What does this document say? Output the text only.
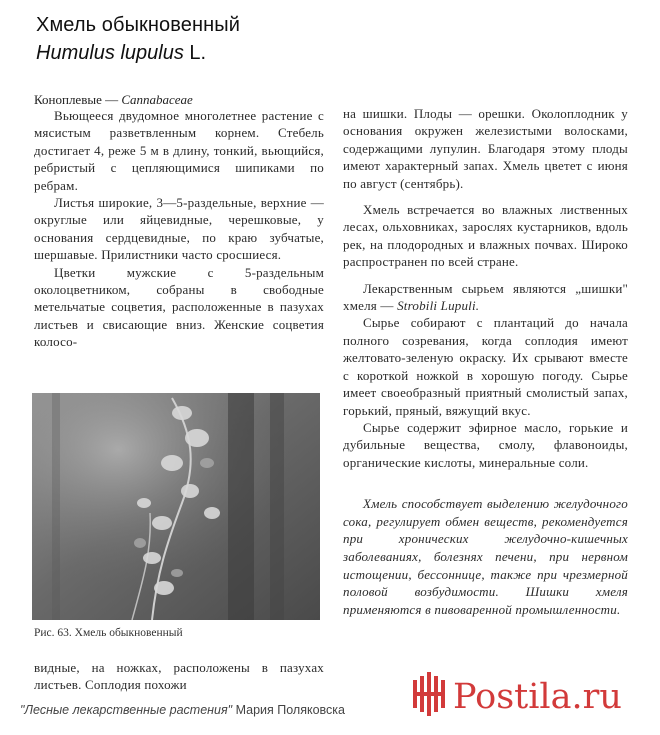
Хмель обыкновенный
Humulus lupulus L.
Коноплевые — Cannabaceae

Вьющееся двудомное многолетнее растение с мясистым разветвленным корнем. Стебель достигает 4, реже 5 м в длину, тонкий, вьющийся, ребристый с цепляющимися шипиками по ребрам.

Листья широкие, 3—5-раздельные, верхние — округлые или яйцевидные, черешковые, у основания сердцевидные, по краю зубчатые, шершавые. Прилистники часто сросшиеся.

Цветки мужские с 5-раздельным околоцветником, собраны в свободные метельчатые соцветия, расположенные в пазухах листьев и свисающие вниз. Женские соцветия колосо-

Рис. 63. Хмель обыкновенный
видные, на ножках, расположены в пазухах листьев. Соплодия похожи

на шишки. Плоды — орешки. Околоплодник у основания окружен железистыми волосками, содержащими лупулин. Благодаря этому плоды имеют характерный запах. Хмель цветет с июня по август (сентябрь).

Хмель встречается во влажных лиственных лесах, ольховниках, зарослях кустарников, вдоль рек, на плодородных и влажных почвах. Широко распространен по всей стране.

Лекарственным сырьем являются „шишки" хмеля — Strobili Lupuli.

Сырье собирают с плантаций до начала полного созревания, когда соплодия имеют желтовато-зеленую окраску. Их срывают вместе с короткой ножкой в хорошую погоду. Сырье имеет своеобразный приятный смолистый запах, горький, пряный, вяжущий вкус.

Сырье содержит эфирное масло, горькие и дубильные вещества, смолу, флавоноиды, органические кислоты, минеральные соли.

Хмель способствует выделению желудочного сока, регулирует обмен веществ, рекомендуется при хронических желудочно-кишечных заболеваниях, болезнях печени, при нервном истощении, бессоннице, также при чрезмерной половой возбудимости. Шишки хмеля применяются в пивоваренной промышленности.

"Лесные лекарственные растения" Мария Поляковска	Postila.ru
